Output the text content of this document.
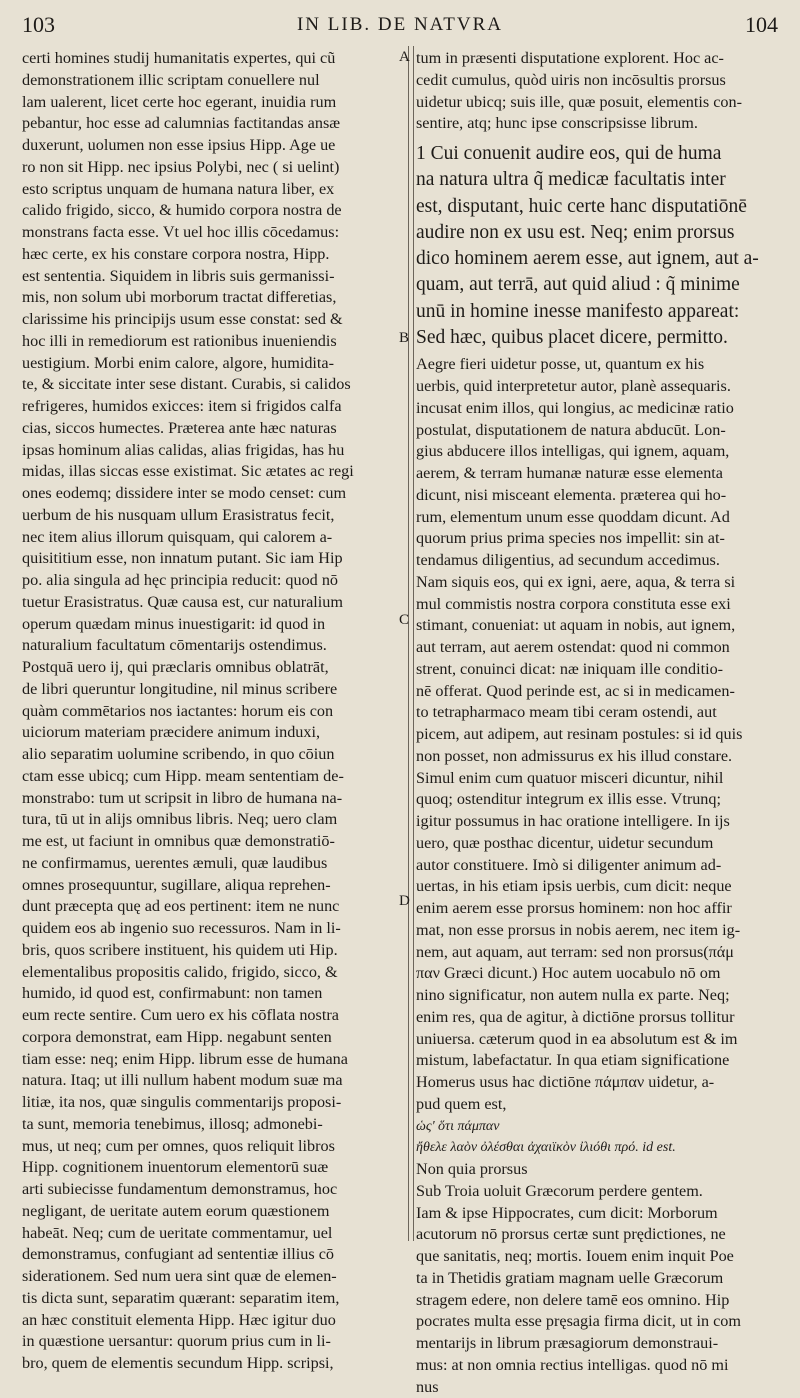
103	IN LIB. DE NATVRA	104
A
B
C
D
certi homines studij humanitatis expertes, qui cũ
demonstrationem illic scriptam conuellere nul
lam ualerent, licet certe hoc egerant, inuidia rum
pebantur, hoc esse ad calumnias factitandas ansæ
duxerunt, uolumen non esse ipsius Hipp. Age ue
ro non sit Hipp. nec ipsius Polybi, nec ( si uelint)
esto scriptus unquam de humana natura liber, ex
calido frigido, sicco, & humido corpora nostra de
monstrans facta esse. Vt uel hoc illis cōcedamus:
hæc certe, ex his constare corpora nostra, Hipp.
est sententia. Siquidem in libris suis germanissi-
mis, non solum ubi morborum tractat differetias,
clarissime his principijs usum esse constat: sed &
hoc illi in remediorum est rationibus inueniendis
uestigium. Morbi enim calore, algore, humidita-
te, & siccitate inter sese distant. Curabis, si calidos
refrigeres, humidos exicces: item si frigidos calfa
cias, siccos humectes. Præterea ante hæc naturas
ipsas hominum alias calidas, alias frigidas, has hu
midas, illas siccas esse existimat. Sic ætates ac regi
ones eodemq; dissidere inter se modo censet: cum
uerbum de his nusquam ullum Erasistratus fecit,
nec item alius illorum quisquam, qui calorem a-
quisititium esse, non innatum putant. Sic iam Hip
po. alia singula ad hęc principia reducit: quod nō
tuetur Erasistratus. Quæ causa est, cur naturalium
operum quædam minus inuestigarit: id quod in
naturalium facultatum cōmentarijs ostendimus.
Postquā uero ij, qui præclaris omnibus oblatrāt,
de libri queruntur longitudine, nil minus scribere
quàm commētarios nos iactantes: horum eis con
uiciorum materiam præcidere animum induxi,
alio separatim uolumine scribendo, in quo cōiun
ctam esse ubicq; cum Hipp. meam sententiam de-
monstrabo: tum ut scripsit in libro de humana na-
tura, tū ut in alijs omnibus libris. Neq; uero clam
me est, ut faciunt in omnibus quæ demonstratiō-
ne confirmamus, uerentes æmuli, quæ laudibus
omnes prosequuntur, sugillare, aliqua reprehen-
dunt præcepta quę ad eos pertinent: item ne nunc
quidem eos ab ingenio suo recessuros. Nam in li-
bris, quos scribere instituent, his quidem uti Hip.
elementalibus propositis calido, frigido, sicco, &
humido, id quod est, confirmabunt: non tamen
eum recte sentire. Cum uero ex his cōflata nostra
corpora demonstrat, eam Hipp. negabunt senten
tiam esse: neq; enim Hipp. librum esse de humana
natura. Itaq; ut illi nullum habent modum suæ ma
litiæ, ita nos, quæ singulis commentarijs proposi-
ta sunt, memoria tenebimus, illosq; admonebi-
mus, ut neq; cum per omnes, quos reliquit libros
Hipp. cognitionem inuentorum elementorū suæ
arti subiecisse fundamentum demonstramus, hoc
negligant, de ueritate autem eorum quæstionem
habeāt. Neq; cum de ueritate commentamur, uel
demonstramus, confugiant ad sententiæ illius cō
siderationem. Sed num uera sint quæ de elemen-
tis dicta sunt, separatim quærant: separatim item,
an hæc constituit elementa Hipp. Hæc igitur duo
in quæstione uersantur: quorum prius cum in li-
bro, quem de elementis secundum Hipp. scripsi,
tum in præsenti disputatione explorent. Hoc ac-
cedit cumulus, quòd uiris non incōsultis prorsus
uidetur ubicq; suis ille, quæ posuit, elementis con-
sentire, atq; hunc ipse conscripsisse librum.
1 Cui conuenit audire eos, qui de huma
na natura ultra q̃ medicæ facultatis inter
est, disputant, huic certe hanc disputatiōnē
audire non ex usu est. Neq; enim prorsus
dico hominem aerem esse, aut ignem, aut a-
quam, aut terrā, aut quid aliud : q̃ minime
unū in homine inesse manifesto appareat:
Sed hæc, quibus placet dicere, permitto.
Aegre fieri uidetur posse, ut, quantum ex his
uerbis, quid interpretetur autor, planè assequaris.
incusat enim illos, qui longius, ac medicinæ ratio
postulat, disputationem de natura abducūt. Lon-
gius abducere illos intelligas, qui ignem, aquam,
aerem, & terram humanæ naturæ esse elementa
dicunt, nisi misceant elementa. præterea qui ho-
rum, elementum unum esse quoddam dicunt. Ad
quorum prius prima species nos impellit: sin at-
tendamus diligentius, ad secundum accedimus.
Nam siquis eos, qui ex igni, aere, aqua, & terra si
mul commistis nostra corpora constituta esse exi
stimant, conueniat: ut aquam in nobis, aut ignem,
aut terram, aut aerem ostendat: quod ni common
strent, conuinci dicat: næ iniquam ille conditio-
nē offerat. Quod perinde est, ac si in medicamen-
to tetrapharmaco meam tibi ceram ostendi, aut
picem, aut adipem, aut resinam postules: si id quis
non posset, non admissurus ex his illud constare.
Simul enim cum quatuor misceri dicuntur, nihil
quoq; ostenditur integrum ex illis esse. Vtrunq;
igitur possumus in hac oratione intelligere. In ijs
uero, quæ posthac dicentur, uidetur secundum
autor constituere. Imò si diligenter animum ad-
uertas, in his etiam ipsis uerbis, cum dicit: neque
enim aerem esse prorsus hominem: non hoc affir
mat, non esse prorsus in nobis aerem, nec item ig-
nem, aut aquam, aut terram: sed non prorsus(πάμ
παν Græci dicunt.) Hoc autem uocabulo nō om
nino significatur, non autem nulla ex parte. Neq;
enim res, qua de agitur, à dictiōne prorsus tollitur
uniuersa. cæterum quod in ea absolutum est & im
mistum, labefactatur. In qua etiam significatione
Homerus usus hac dictiōne πάμπαν uidetur, a-
pud quem est,
ὡς' ὅτι πάμπαν
ἤθελε λαὸν ὀλέσθαι ἀχαιϊκὸν ἰλιόθι πρό. id est.
Non quia prorsus
Sub Troia uoluit Græcorum perdere gentem.
Iam & ipse Hippocrates, cum dicit: Morborum
acutorum nō prorsus certæ sunt prędictiones, ne
que sanitatis, neq; mortis. Iouem enim inquit Poe
ta in Thetidis gratiam magnam uelle Græcorum
stragem edere, non delere tamē eos omnino. Hip
pocrates multa esse pręsagia firma dicit, ut in com
mentarijs in librum præsagiorum demonstraui-
mus: at non omnia rectius intelligas. quod nō mi
nus
